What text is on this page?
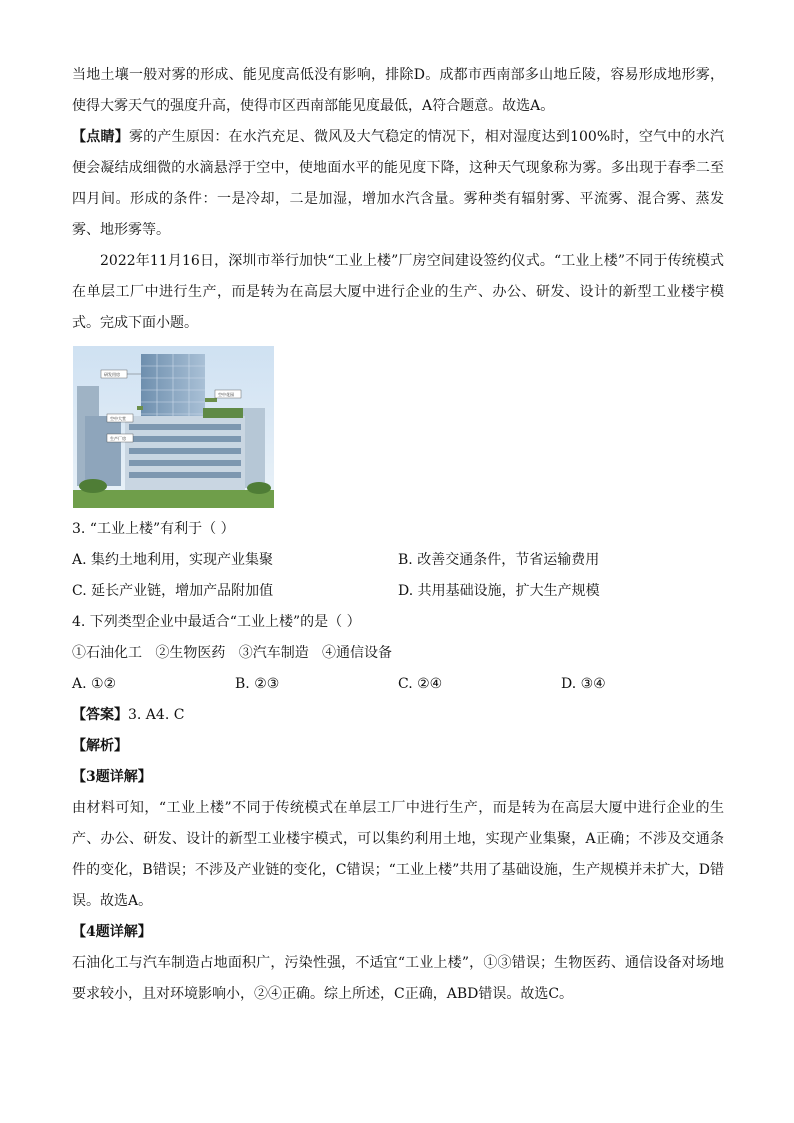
当地土壤一般对雾的形成、能见度高低没有影响，排除D。成都市西南部多山地丘陵，容易形成地形雾，使得大雾天气的强度升高，使得市区西南部能见度最低，A符合题意。故选A。

【点睛】雾的产生原因：在水汽充足、微风及大气稳定的情况下，相对湿度达到100%时，空气中的水汽便会凝结成细微的水滴悬浮于空中，使地面水平的能见度下降，这种天气现象称为雾。多出现于春季二至四月间。形成的条件：一是冷却，二是加湿，增加水汽含量。雾种类有辐射雾、平流雾、混合雾、蒸发雾、地形雾等。

2022年11月16日，深圳市举行加快“工业上楼”厂房空间建设签约仪式。“工业上楼”不同于传统模式在单层工厂中进行生产，而是转为在高层大厦中进行企业的生产、办公、研发、设计的新型工业楼宇模式。完成下面小题。

研发用房
空中大堂
生产厂房
空中花园

3. “工业上楼”有利于（ ）

A. 集约土地利用，实现产业集聚	B. 改善交通条件，节省运输费用
C. 延长产业链，增加产品附加值	D. 共用基础设施，扩大生产规模

4. 下列类型企业中最适合“工业上楼”的是（ ）

①石油化工   ②生物医药   ③汽车制造   ④通信设备

A. ①②	B. ②③	C. ②④	D. ③④

【答案】3. A4. C

【解析】

【3题详解】

由材料可知，“工业上楼”不同于传统模式在单层工厂中进行生产，而是转为在高层大厦中进行企业的生产、办公、研发、设计的新型工业楼宇模式，可以集约利用土地，实现产业集聚，A正确；不涉及交通条件的变化，B错误；不涉及产业链的变化，C错误；“工业上楼”共用了基础设施，生产规模并未扩大，D错误。故选A。

【4题详解】

石油化工与汽车制造占地面积广，污染性强，不适宜“工业上楼”，①③错误；生物医药、通信设备对场地要求较小，且对环境影响小，②④正确。综上所述，C正确，ABD错误。故选C。
